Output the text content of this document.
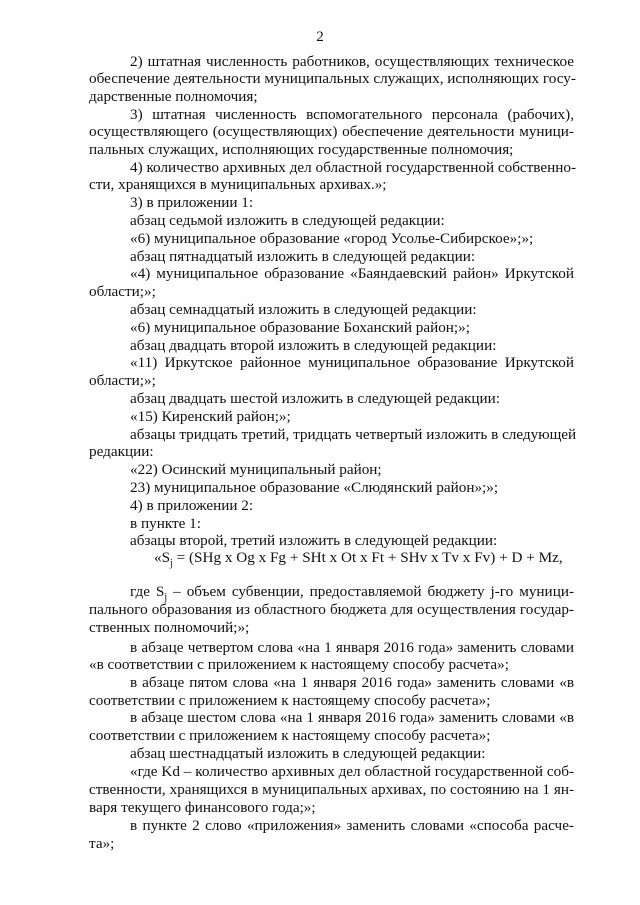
2
2) штатная численность работников, осуществляющих техническое
обеспечение деятельности муниципальных служащих, исполняющих госу-
дарственные полномочия;
3) штатная численность вспомогательного персонала (рабочих),
осуществляющего (осуществляющих) обеспечение деятельности муници-
пальных служащих, исполняющих государственные полномочия;
4) количество архивных дел областной государственной собственно-
сти, хранящихся в муниципальных архивах.»;
3) в приложении 1:
абзац седьмой изложить в следующей редакции:
«6) муниципальное образование «город Усолье-Сибирское»;»;
абзац пятнадцатый изложить в следующей редакции:
«4) муниципальное образование «Баяндаевский район» Иркутской
области;»;
абзац семнадцатый изложить в следующей редакции:
«6) муниципальное образование Боханский район;»;
абзац двадцать второй изложить в следующей редакции:
«11) Иркутское районное муниципальное образование Иркутской
области;»;
абзац двадцать шестой изложить в следующей редакции:
«15) Киренский район;»;
абзацы тридцать третий, тридцать четвертый изложить в следующей
редакции:
«22) Осинский муниципальный район;
23) муниципальное образование «Слюдянский район»;»;
4) в приложении 2:
в пункте 1:
абзацы второй, третий изложить в следующей редакции:
«$S_j = (SHg$ x Og x Fg + SHt x Ot x Ft + SHv x Tv x Fv) + D + Mz,
где $S_j$ – объем субвенции, предоставляемой бюджету j-го муници-
пального образования из областного бюджета для осуществления государ-
ственных полномочий;»;
в абзаце четвертом слова «на 1 января 2016 года» заменить словами
«в соответствии с приложением к настоящему способу расчета»;
в абзаце пятом слова «на 1 января 2016 года» заменить словами «в
соответствии с приложением к настоящему способу расчета»;
в абзаце шестом слова «на 1 января 2016 года» заменить словами «в
соответствии с приложением к настоящему способу расчета»;
абзац шестнадцатый изложить в следующей редакции:
«где Kd – количество архивных дел областной государственной соб-
ственности, хранящихся в муниципальных архивах, по состоянию на 1 ян-
варя текущего финансового года;»;
в пункте 2 слово «приложения» заменить словами «способа расче-
та»;
